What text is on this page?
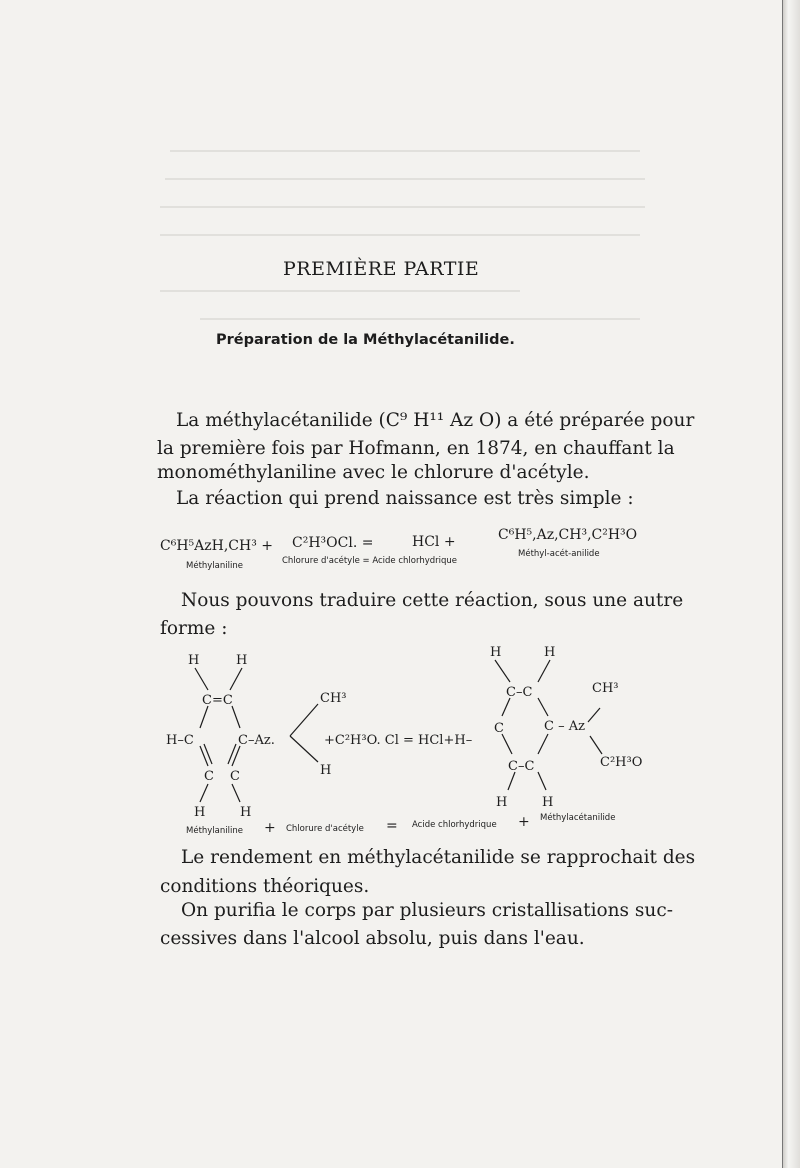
PREMIÈRE PARTIE
Préparation de la Méthylacétanilide.
La méthylacétanilide (C⁹ H¹¹ Az O) a été préparée pour
la première fois par Hofmann, en 1874, en chauffant la
monométhylaniline avec le chlorure d'acétyle.
La réaction qui prend naissance est très simple :
C⁶H⁵AzH,CH³ + C²H³OCl. =	HCl +	C⁶H⁵,Az,CH³,C²H³O
Méthylaniline	Chlorure d'acétyle = Acide chlorhydrique
Méthyl-acét-anilide
Nous pouvons traduire cette réaction, sous une autre
forme :
H	H
C=C
H–C	C –Az.
CH³
H
C C
H	H
+C²H³O. Cl = HCl+H–
H	H
C–C	CH³
C	C – Az
C²H³O
C–C
H	H
Méthylaniline + Chlorure d'acétyle = Acide chlorhydrique + Méthylacétanilide
Le rendement en méthylacétanilide se rapprochait des
conditions théoriques.
On purifia le corps par plusieurs cristallisations suc-
cessives dans l'alcool absolu, puis dans l'eau.
